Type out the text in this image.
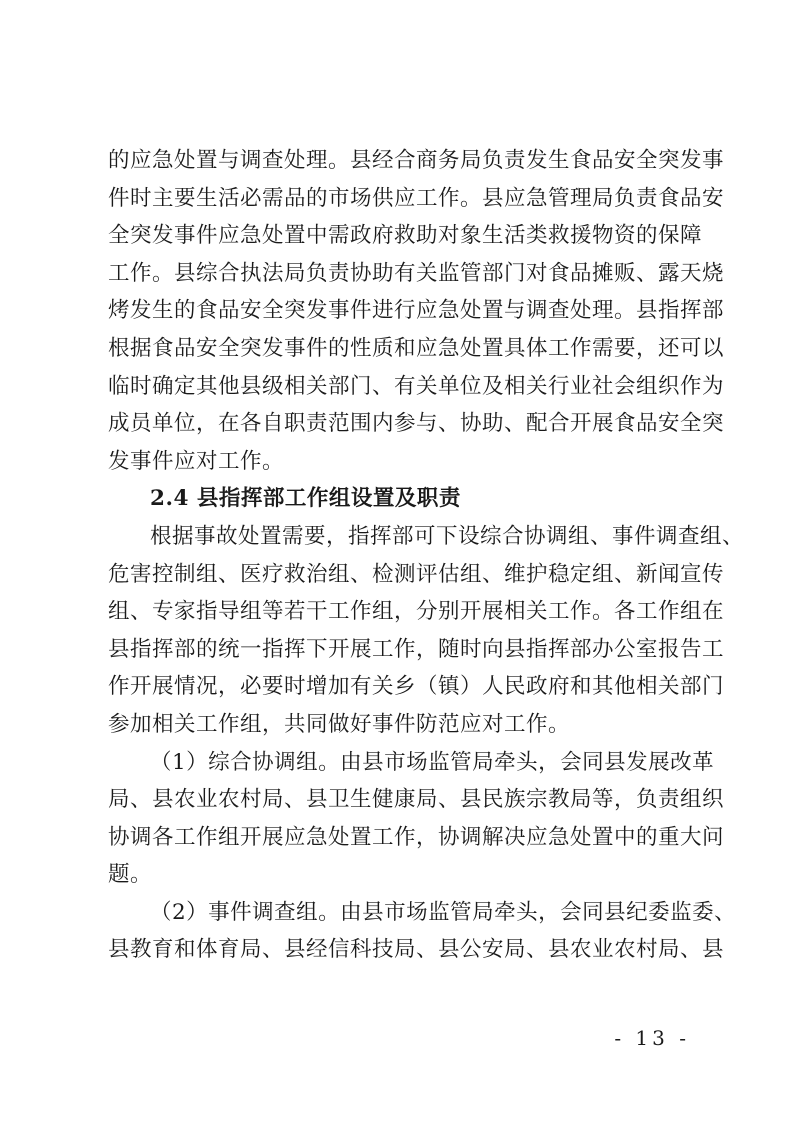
的应急处置与调查处理。县经合商务局负责发生食品安全突发事
件时主要生活必需品的市场供应工作。县应急管理局负责食品安
全突发事件应急处置中需政府救助对象生活类救援物资的保障
工作。县综合执法局负责协助有关监管部门对食品摊贩、露天烧
烤发生的食品安全突发事件进行应急处置与调查处理。县指挥部
根据食品安全突发事件的性质和应急处置具体工作需要，还可以
临时确定其他县级相关部门、有关单位及相关行业社会组织作为
成员单位，在各自职责范围内参与、协助、配合开展食品安全突
发事件应对工作。
2.4 县指挥部工作组设置及职责
根据事故处置需要，指挥部可下设综合协调组、事件调查组、
危害控制组、医疗救治组、检测评估组、维护稳定组、新闻宣传
组、专家指导组等若干工作组，分别开展相关工作。各工作组在
县指挥部的统一指挥下开展工作，随时向县指挥部办公室报告工
作开展情况，必要时增加有关乡（镇）人民政府和其他相关部门
参加相关工作组，共同做好事件防范应对工作。
（1）综合协调组。由县市场监管局牵头，会同县发展改革
局、县农业农村局、县卫生健康局、县民族宗教局等，负责组织
协调各工作组开展应急处置工作，协调解决应急处置中的重大问
题。
（2）事件调查组。由县市场监管局牵头，会同县纪委监委、
县教育和体育局、县经信科技局、县公安局、县农业农村局、县
- 13 -
